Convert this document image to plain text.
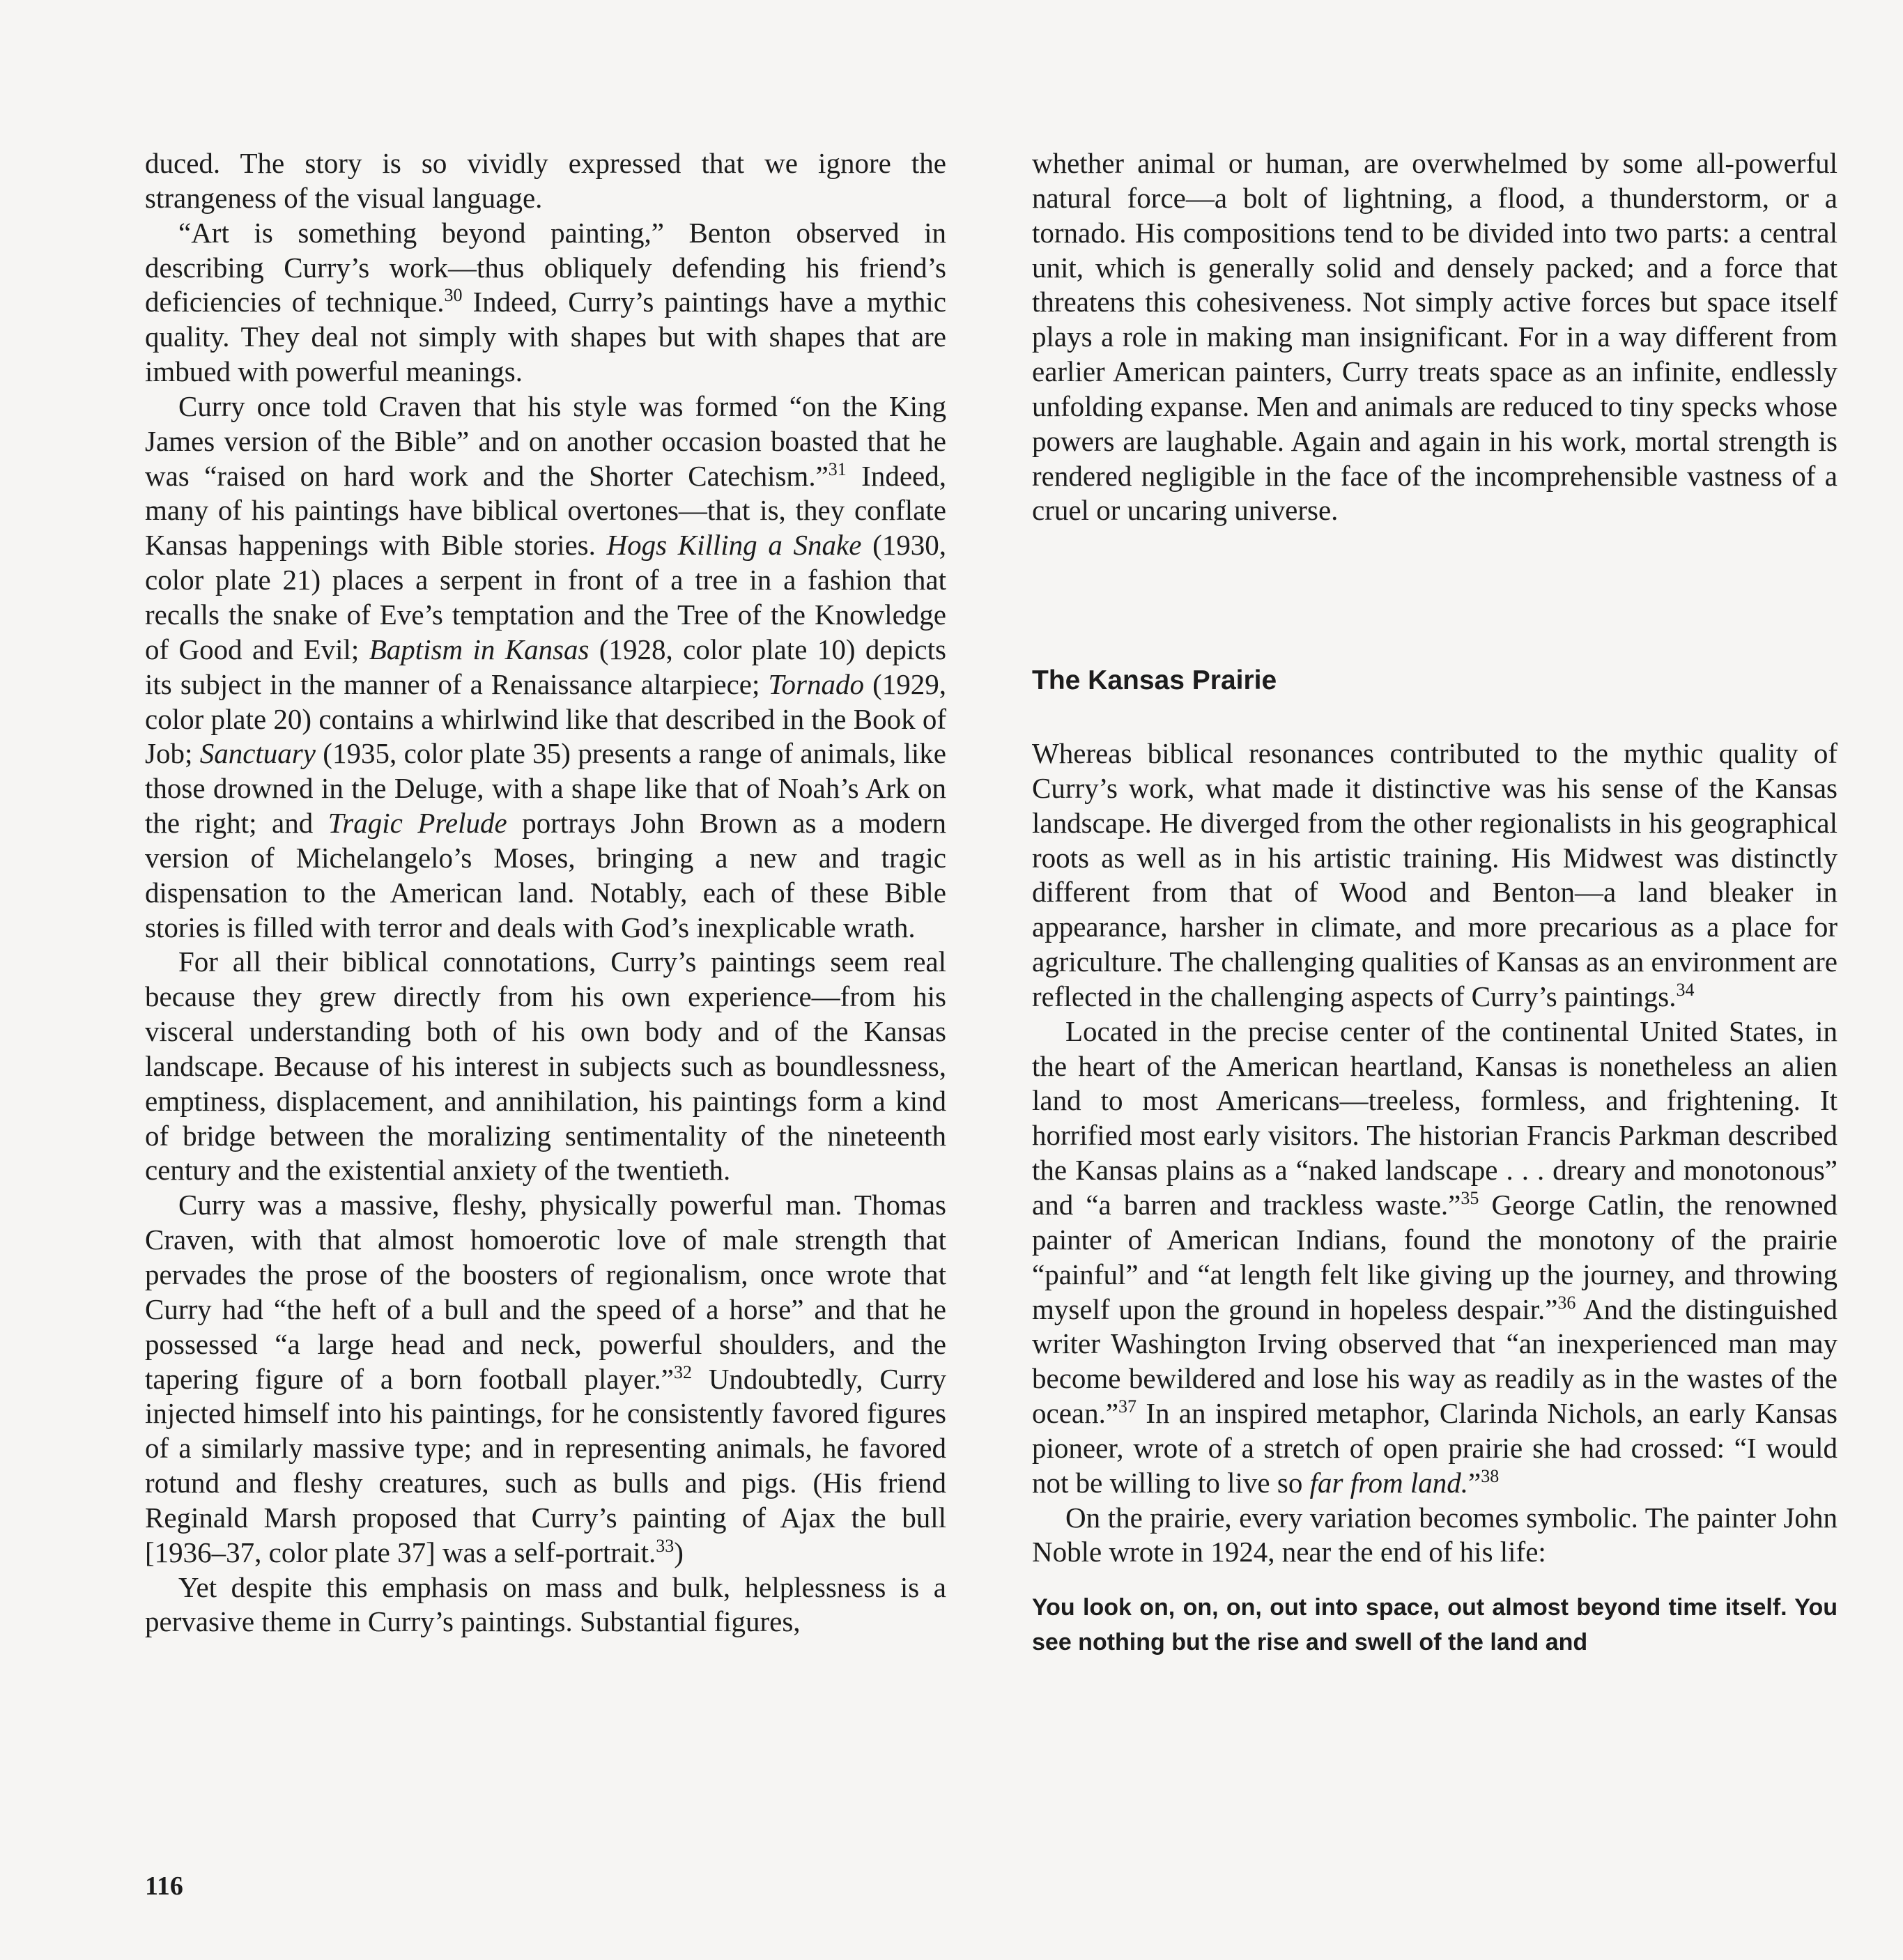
duced. The story is so vividly expressed that we ignore the strangeness of the visual language.

“Art is something beyond painting,” Benton observed in describing Curry’s work—thus obliquely defending his friend’s deficiencies of technique.$^{30}$ Indeed, Curry’s paintings have a mythic quality. They deal not simply with shapes but with shapes that are imbued with powerful meanings.

Curry once told Craven that his style was formed “on the King James version of the Bible” and on another occasion boasted that he was “raised on hard work and the Shorter Catechism.”$^{31}$ Indeed, many of his paintings have biblical overtones—that is, they conflate Kansas happenings with Bible stories. Hogs Killing a Snake (1930, color plate 21) places a serpent in front of a tree in a fashion that recalls the snake of Eve’s temptation and the Tree of the Knowledge of Good and Evil; Baptism in Kansas (1928, color plate 10) depicts its subject in the manner of a Renaissance altarpiece; Tornado (1929, color plate 20) contains a whirlwind like that described in the Book of Job; Sanctuary (1935, color plate 35) presents a range of animals, like those drowned in the Deluge, with a shape like that of Noah’s Ark on the right; and Tragic Prelude portrays John Brown as a modern version of Michelangelo’s Moses, bringing a new and tragic dispensation to the American land. Notably, each of these Bible stories is filled with terror and deals with God’s inexplicable wrath.

For all their biblical connotations, Curry’s paintings seem real because they grew directly from his own experience—from his visceral understanding both of his own body and of the Kansas landscape. Because of his interest in subjects such as boundlessness, emptiness, displacement, and annihilation, his paintings form a kind of bridge between the moralizing sentimentality of the nineteenth century and the existential anxiety of the twentieth.

Curry was a massive, fleshy, physically powerful man. Thomas Craven, with that almost homoerotic love of male strength that pervades the prose of the boosters of regionalism, once wrote that Curry had “the heft of a bull and the speed of a horse” and that he possessed “a large head and neck, powerful shoulders, and the tapering figure of a born football player.”$^{32}$ Undoubtedly, Curry injected himself into his paintings, for he consistently favored figures of a similarly massive type; and in representing animals, he favored rotund and fleshy creatures, such as bulls and pigs. (His friend Reginald Marsh proposed that Curry’s painting of Ajax the bull [1936–37, color plate 37] was a self-portrait.$^{33}$)

Yet despite this emphasis on mass and bulk, helplessness is a pervasive theme in Curry’s paintings. Substantial figures,

whether animal or human, are overwhelmed by some all-powerful natural force—a bolt of lightning, a flood, a thunderstorm, or a tornado. His compositions tend to be divided into two parts: a central unit, which is generally solid and densely packed; and a force that threatens this cohesiveness. Not simply active forces but space itself plays a role in making man insignificant. For in a way different from earlier American painters, Curry treats space as an infinite, endlessly unfolding expanse. Men and animals are reduced to tiny specks whose powers are laughable. Again and again in his work, mortal strength is rendered negligible in the face of the incomprehensible vastness of a cruel or uncaring universe.

The Kansas Prairie

Whereas biblical resonances contributed to the mythic quality of Curry’s work, what made it distinctive was his sense of the Kansas landscape. He diverged from the other regionalists in his geographical roots as well as in his artistic training. His Midwest was distinctly different from that of Wood and Benton—a land bleaker in appearance, harsher in climate, and more precarious as a place for agriculture. The challenging qualities of Kansas as an environment are reflected in the challenging aspects of Curry’s paintings.$^{34}$

Located in the precise center of the continental United States, in the heart of the American heartland, Kansas is nonetheless an alien land to most Americans—treeless, formless, and frightening. It horrified most early visitors. The historian Francis Parkman described the Kansas plains as a “naked landscape . . . dreary and monotonous” and “a barren and trackless waste.”$^{35}$ George Catlin, the renowned painter of American Indians, found the monotony of the prairie “painful” and “at length felt like giving up the journey, and throwing myself upon the ground in hopeless despair.”$^{36}$ And the distinguished writer Washington Irving observed that “an inexperienced man may become bewildered and lose his way as readily as in the wastes of the ocean.”$^{37}$ In an inspired metaphor, Clarinda Nichols, an early Kansas pioneer, wrote of a stretch of open prairie she had crossed: “I would not be willing to live so far from land.”$^{38}$

On the prairie, every variation becomes symbolic. The painter John Noble wrote in 1924, near the end of his life:

You look on, on, on, out into space, out almost beyond time itself. You see nothing but the rise and swell of the land and

116
